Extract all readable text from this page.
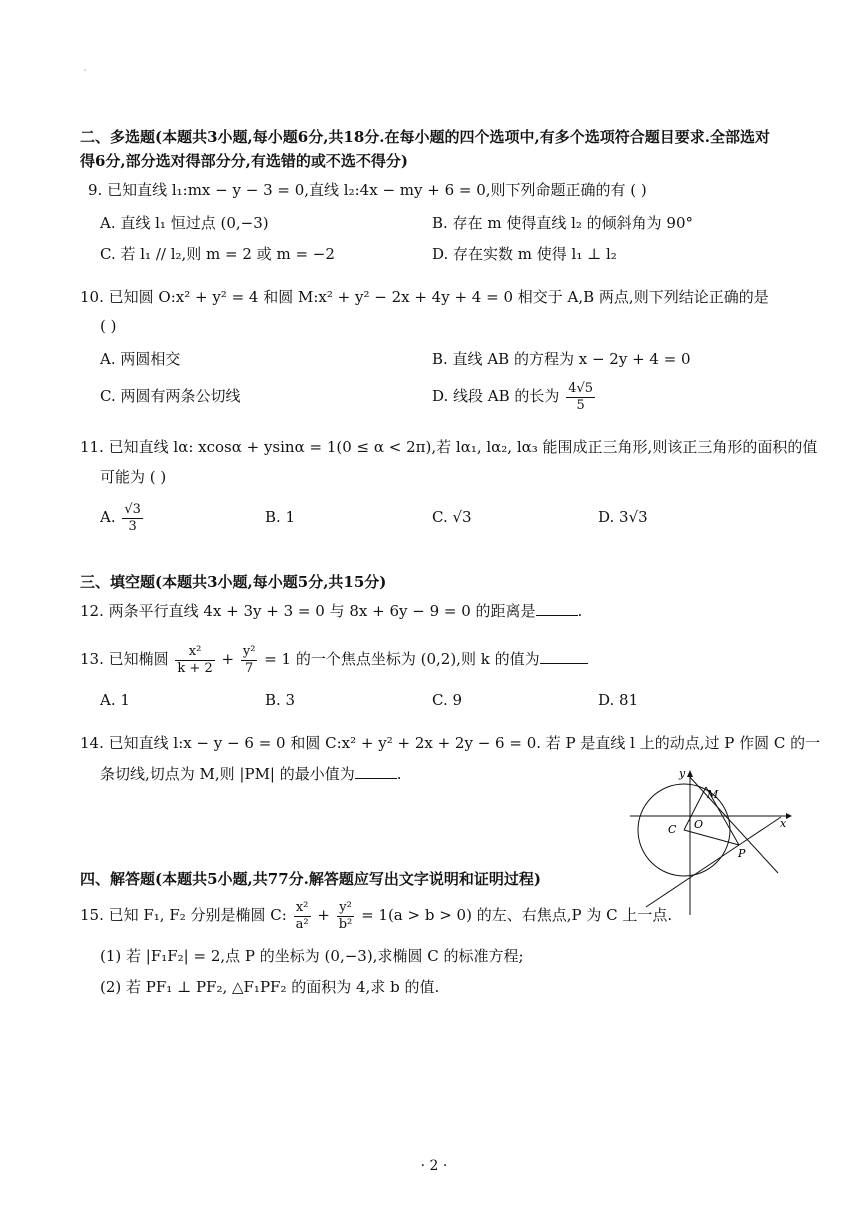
'
二、多选题(本题共3小题,每小题6分,共18分.在每小题的四个选项中,有多个选项符合题目要求.全部选对
得6分,部分选对得部分分,有选错的或不选不得分)
9. 已知直线 l₁:mx − y − 3 = 0,直线 l₂:4x − my + 6 = 0,则下列命题正确的有 ( )
A. 直线 l₁ 恒过点 (0,−3)	B. 存在 m 使得直线 l₂ 的倾斜角为 90°
C. 若 l₁ // l₂,则 m = 2 或 m = −2	D. 存在实数 m 使得 l₁ ⊥ l₂
10. 已知圆 O:x² + y² = 4 和圆 M:x² + y² − 2x + 4y + 4 = 0 相交于 A,B 两点,则下列结论正确的是
( )
A. 两圆相交	B. 直线 AB 的方程为 x − 2y + 4 = 0
C. 两圆有两条公切线	D. 线段 AB 的长为 $\frac{4√5}{5}$
11. 已知直线 lα: xcosα + ysinα = 1(0 ≤ α < 2π),若 lα₁, lα₂, lα₃ 能围成正三角形,则该正三角形的面积的值
可能为 ( )
A. $\frac{√3}{3}$	B. 1	C. √3	D. 3√3
三、填空题(本题共3小题,每小题5分,共15分)
12. 两条平行直线 4x + 3y + 3 = 0 与 8x + 6y − 9 = 0 的距离是	.
13. 已知椭圆 $\frac{\text{x²}}{k + 2} + \frac{\text{y²}}{7} = 1$ 的一个焦点坐标为 (0,2),则 k 的值为
A. 1	B. 3	C. 9	D. 81
14. 已知直线 l:x − y − 6 = 0 和圆 C:x² + y² + 2x + 2y − 6 = 0. 若 P 是直线 l 上的动点,过 P 作圆 C 的一
条切线,切点为 M,则 |PM| 的最小值为	.	y
x
M
C O
P
四、解答题(本题共5小题,共77分.解答题应写出文字说明和证明过程)
15. 已知 F₁, F₂ 分别是椭圆 C: $\frac{\text{x²}}{\text{a²}} + \frac{\text{y²}}{\text{b²}} = 1(a > b > 0)$ 的左、右焦点,P 为 C 上一点.
(1) 若 |F₁F₂| = 2,点 P 的坐标为 (0,−3),求椭圆 C 的标准方程;
(2) 若 PF₁ ⊥ PF₂, △F₁PF₂ 的面积为 4,求 b 的值.
· 2 ·
